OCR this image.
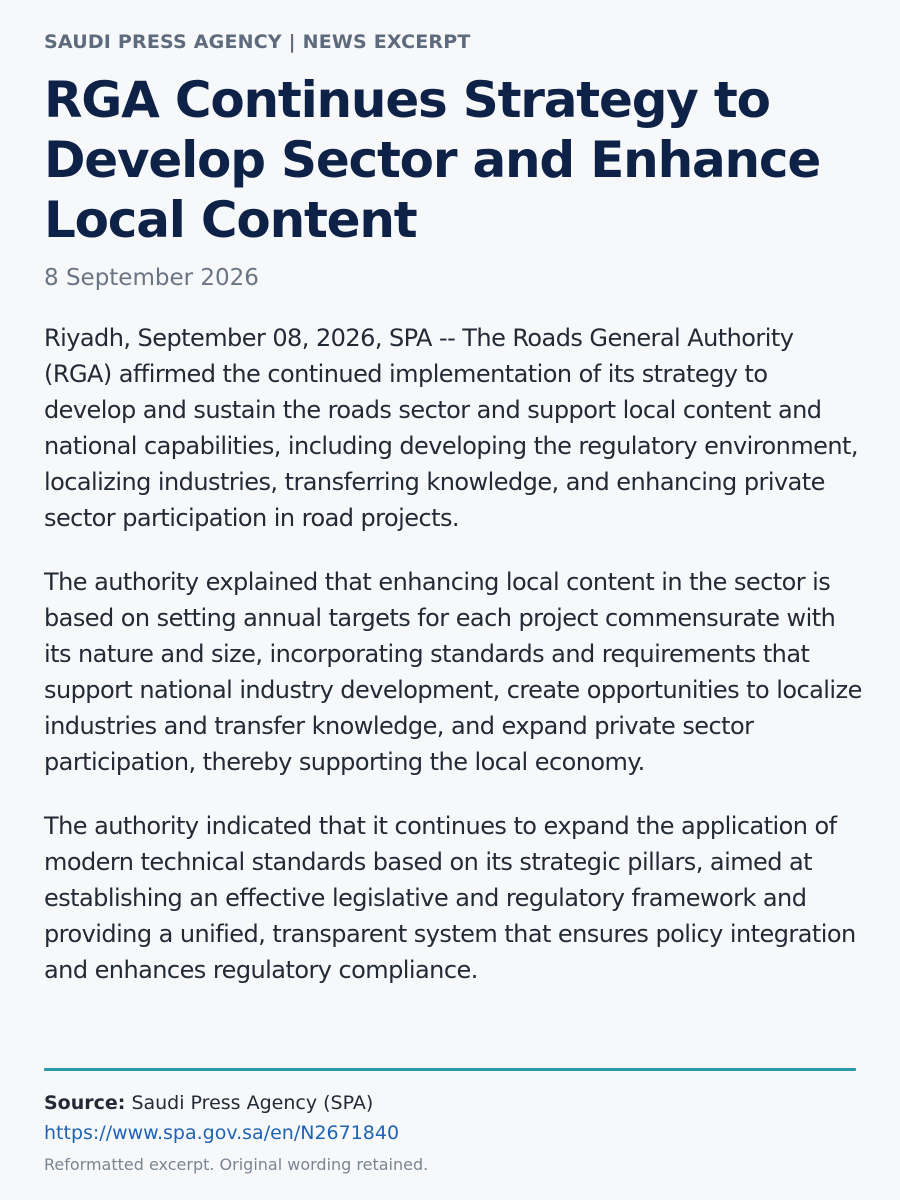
SAUDI PRESS AGENCY | NEWS EXCERPT

RGA Continues Strategy to Develop Sector and Enhance Local Content

8 September 2026

Riyadh, September 08, 2026, SPA -- The Roads General Authority (RGA) affirmed the continued implementation of its strategy to develop and sustain the roads sector and support local content and national capabilities, including developing the regulatory environment, localizing industries, transferring knowledge, and enhancing private sector participation in road projects.

The authority explained that enhancing local content in the sector is based on setting annual targets for each project commensurate with its nature and size, incorporating standards and requirements that support national industry development, create opportunities to localize industries and transfer knowledge, and expand private sector participation, thereby supporting the local economy.

The authority indicated that it continues to expand the application of modern technical standards based on its strategic pillars, aimed at establishing an effective legislative and regulatory framework and providing a unified, transparent system that ensures policy integration and enhances regulatory compliance.

Source: Saudi Press Agency (SPA)

https://www.spa.gov.sa/en/N2671840

Reformatted excerpt. Original wording retained.
